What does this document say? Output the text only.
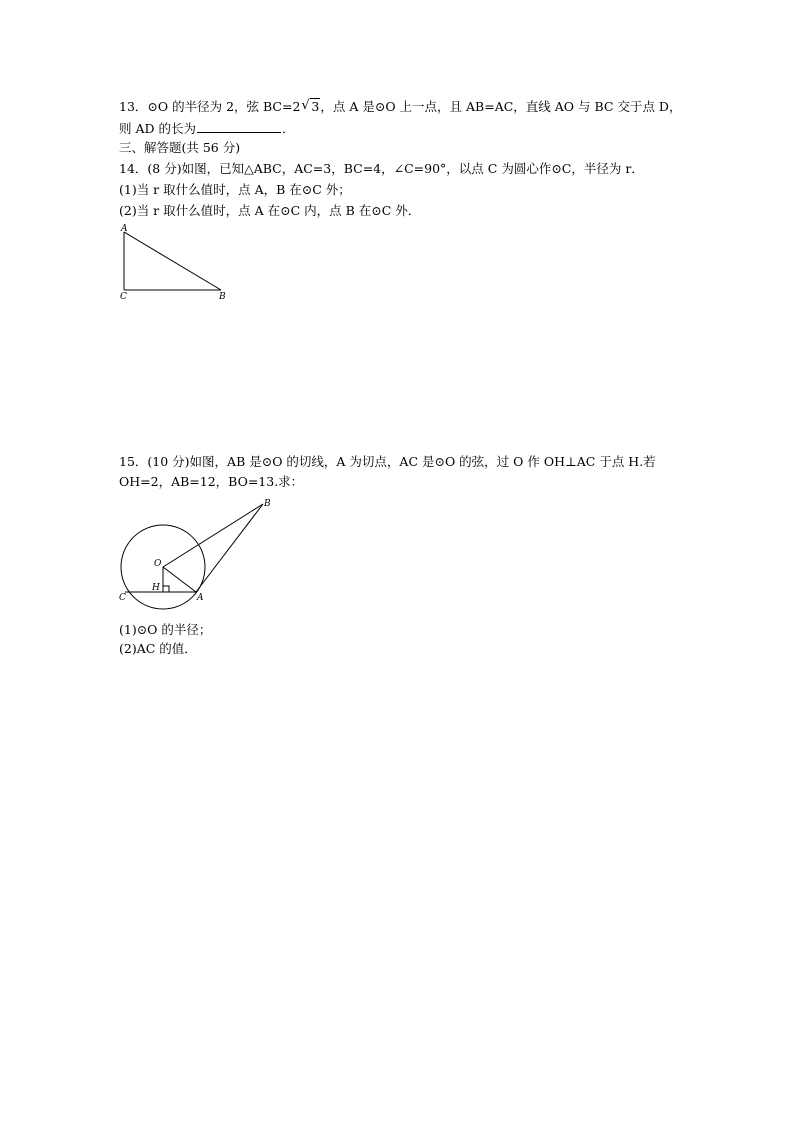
13．⊙O 的半径为 2，弦 BC=2 √ 3，点 A 是⊙O 上一点，且 AB=AC，直线 AO 与 BC 交于点 D，
则 AD 的长为	．
三、解答题(共 56 分)
14．(8 分)如图，已知△ABC，AC=3，BC=4，∠C=90°，以点 C 为圆心作⊙C，半径为 r．
(1)当 r 取什么值时，点 A，B 在⊙C 外；
(2)当 r 取什么值时，点 A 在⊙C 内，点 B 在⊙C 外．
A
C	B
15．(10 分)如图，AB 是⊙O 的切线，A 为切点，AC 是⊙O 的弦，过 O 作 OH⊥AC 于点 H.若
OH=2，AB=12，BO=13.求：
B
O
H
C	A
(1)⊙O 的半径；
(2)AC 的值．
